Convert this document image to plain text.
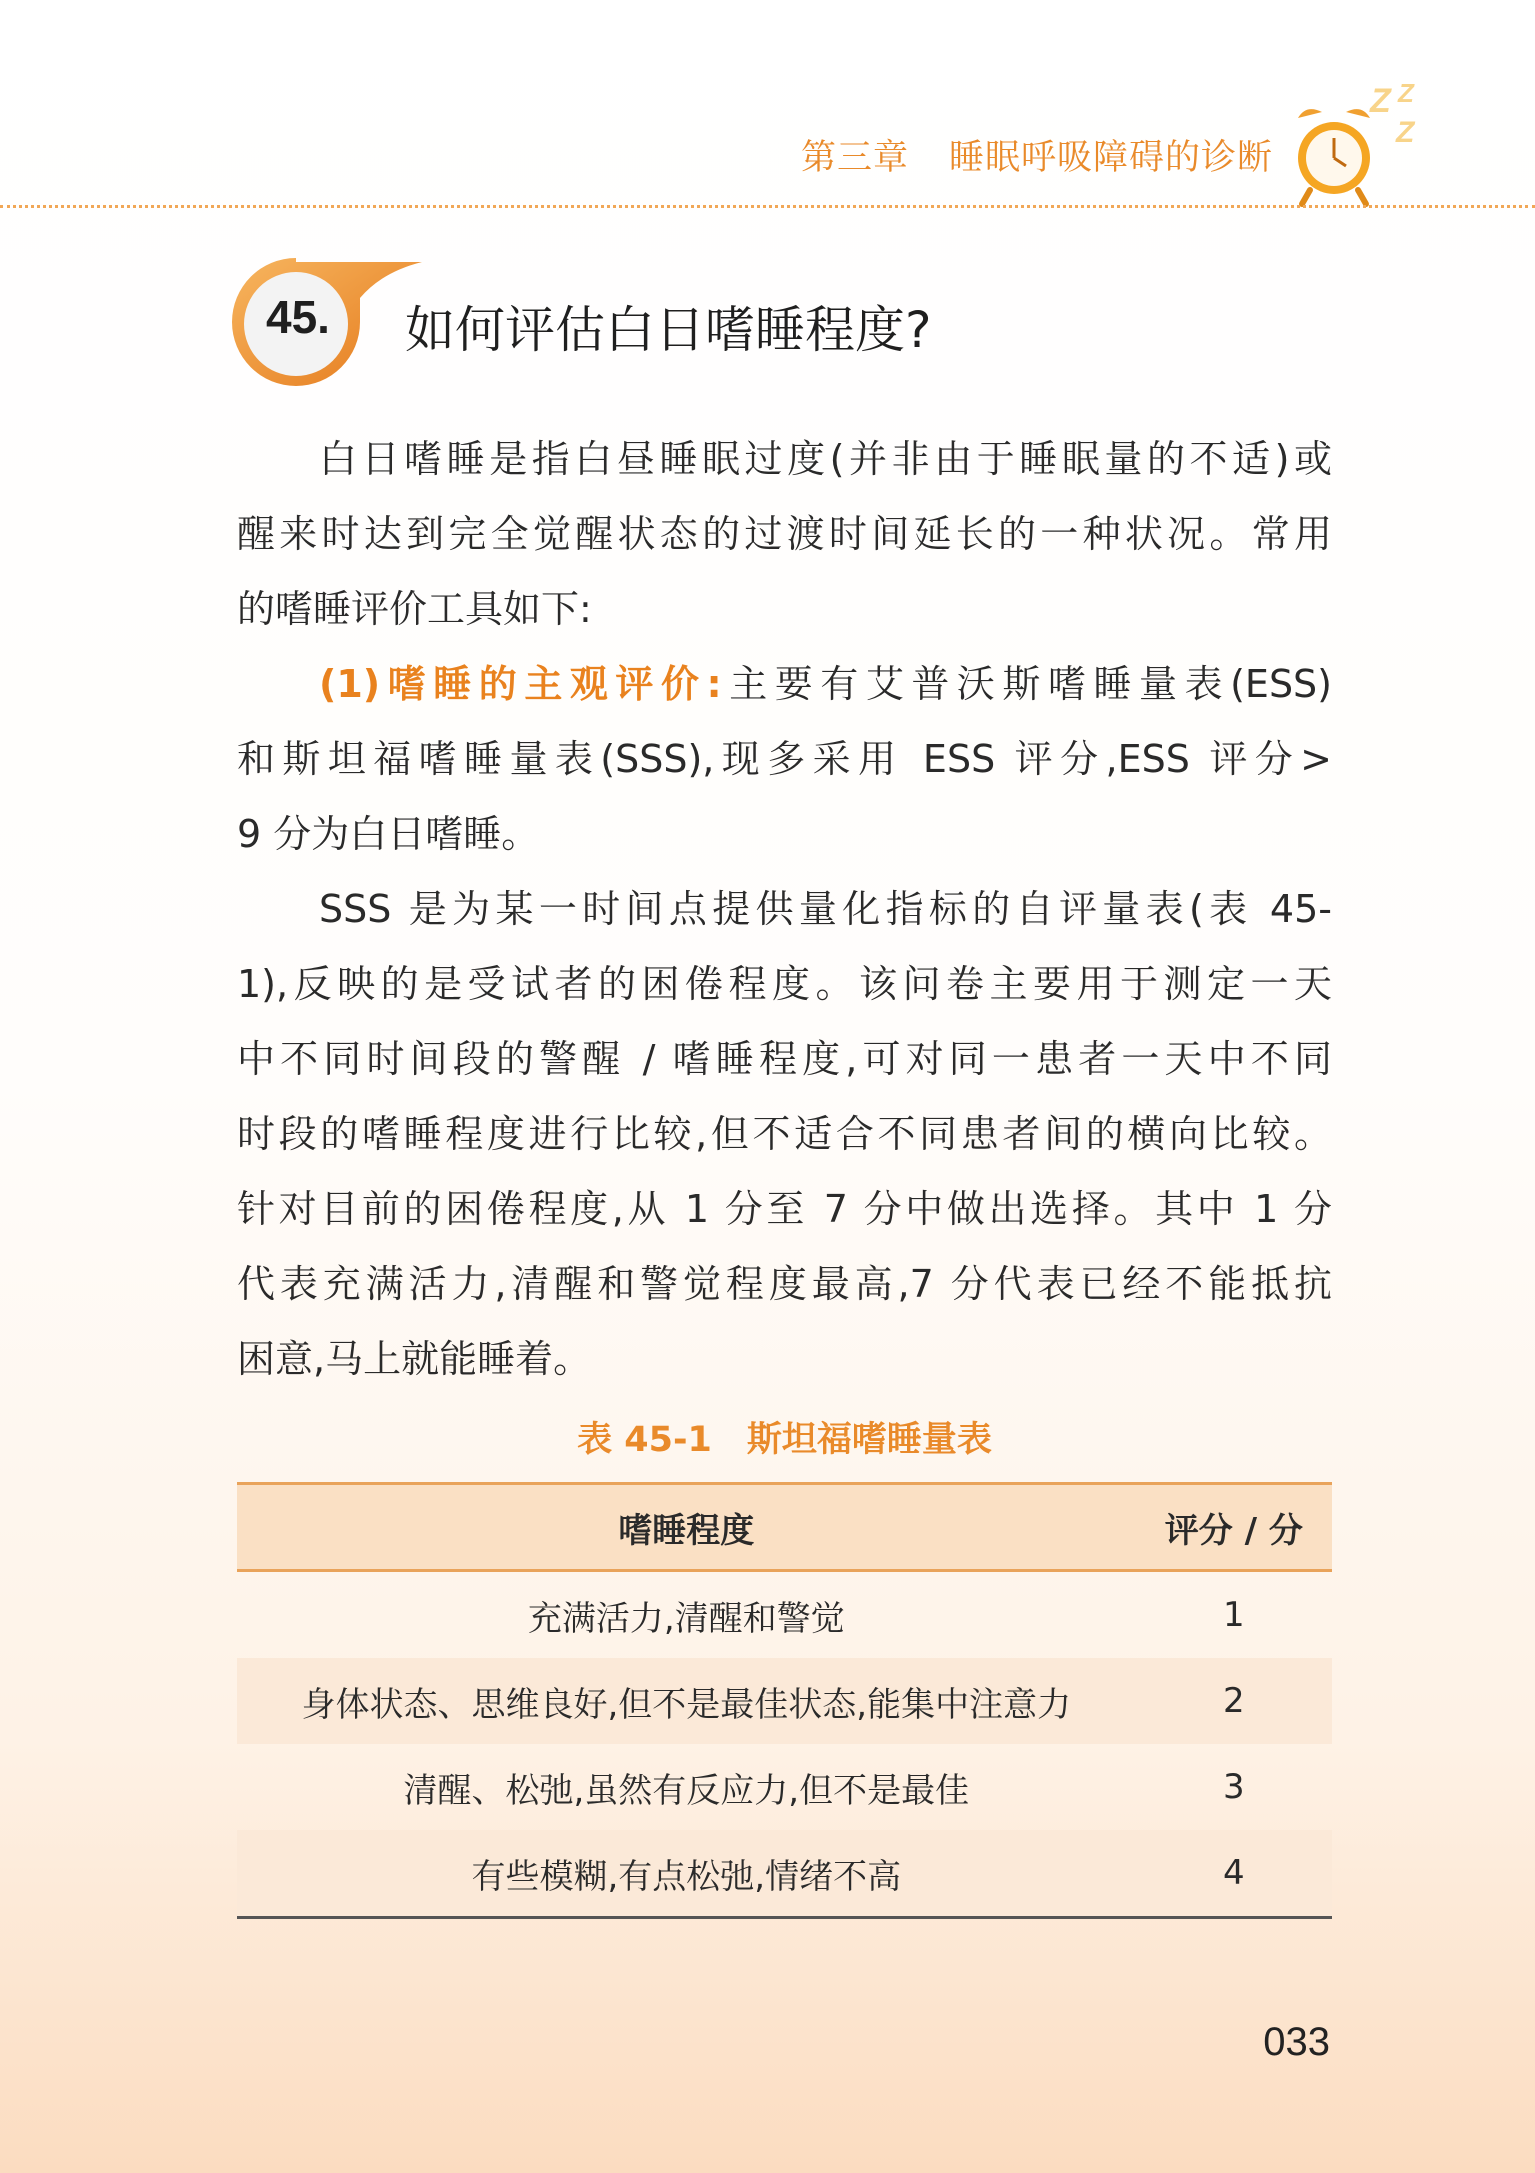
第三章 睡眠呼吸障碍的诊断
Z Z
Z
45. 如何评估白日嗜睡程度?

白日嗜睡是指白昼睡眠过度(并非由于睡眠量的不适)或

醒来时达到完全觉醒状态的过渡时间延长的一种状况。常用

的嗜睡评价工具如下:

(1)嗜睡的主观评价:主要有艾普沃斯嗜睡量表(ESS)

和斯坦福嗜睡量表(SSS),现多采用 ESS 评分,ESS 评分>

9 分为白日嗜睡。

SSS 是为某一时间点提供量化指标的自评量表(表 45-

1),反映的是受试者的困倦程度。该问卷主要用于测定一天

中不同时间段的警醒 / 嗜睡程度,可对同一患者一天中不同

时段的嗜睡程度进行比较,但不适合不同患者间的横向比较。

针对目前的困倦程度,从 1 分至 7 分中做出选择。其中 1 分

代表充满活力,清醒和警觉程度最高,7 分代表已经不能抵抗

困意,马上就能睡着。

表 45-1　斯坦福嗜睡量表
嗜睡程度	评分 / 分
充满活力,清醒和警觉	1
身体状态、思维良好,但不是最佳状态,能集中注意力	2
清醒、松弛,虽然有反应力,但不是最佳	3
有些模糊,有点松弛,情绪不高	4
033
